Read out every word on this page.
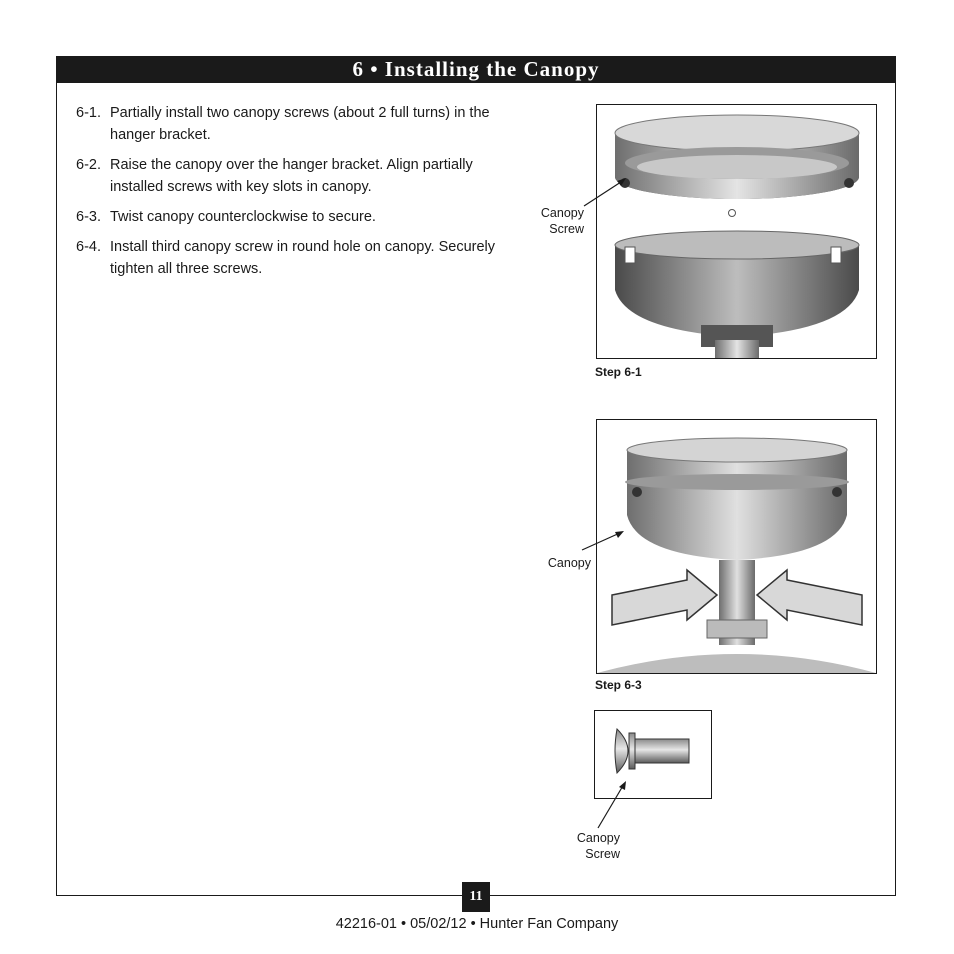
6 • Installing the Canopy
6-1. Partially install two canopy screws (about 2 full turns) in the hanger bracket.
6-2. Raise the canopy over the hanger bracket. Align partially installed screws with key slots in canopy.
6-3. Twist canopy counterclockwise to secure.
6-4. Install third canopy screw in round hole on canopy. Securely tighten all three screws.
Canopy
Screw
Step 6-1
Canopy
Step 6-3
Canopy
Screw
11
42216-01 • 05/02/12 • Hunter Fan Company
